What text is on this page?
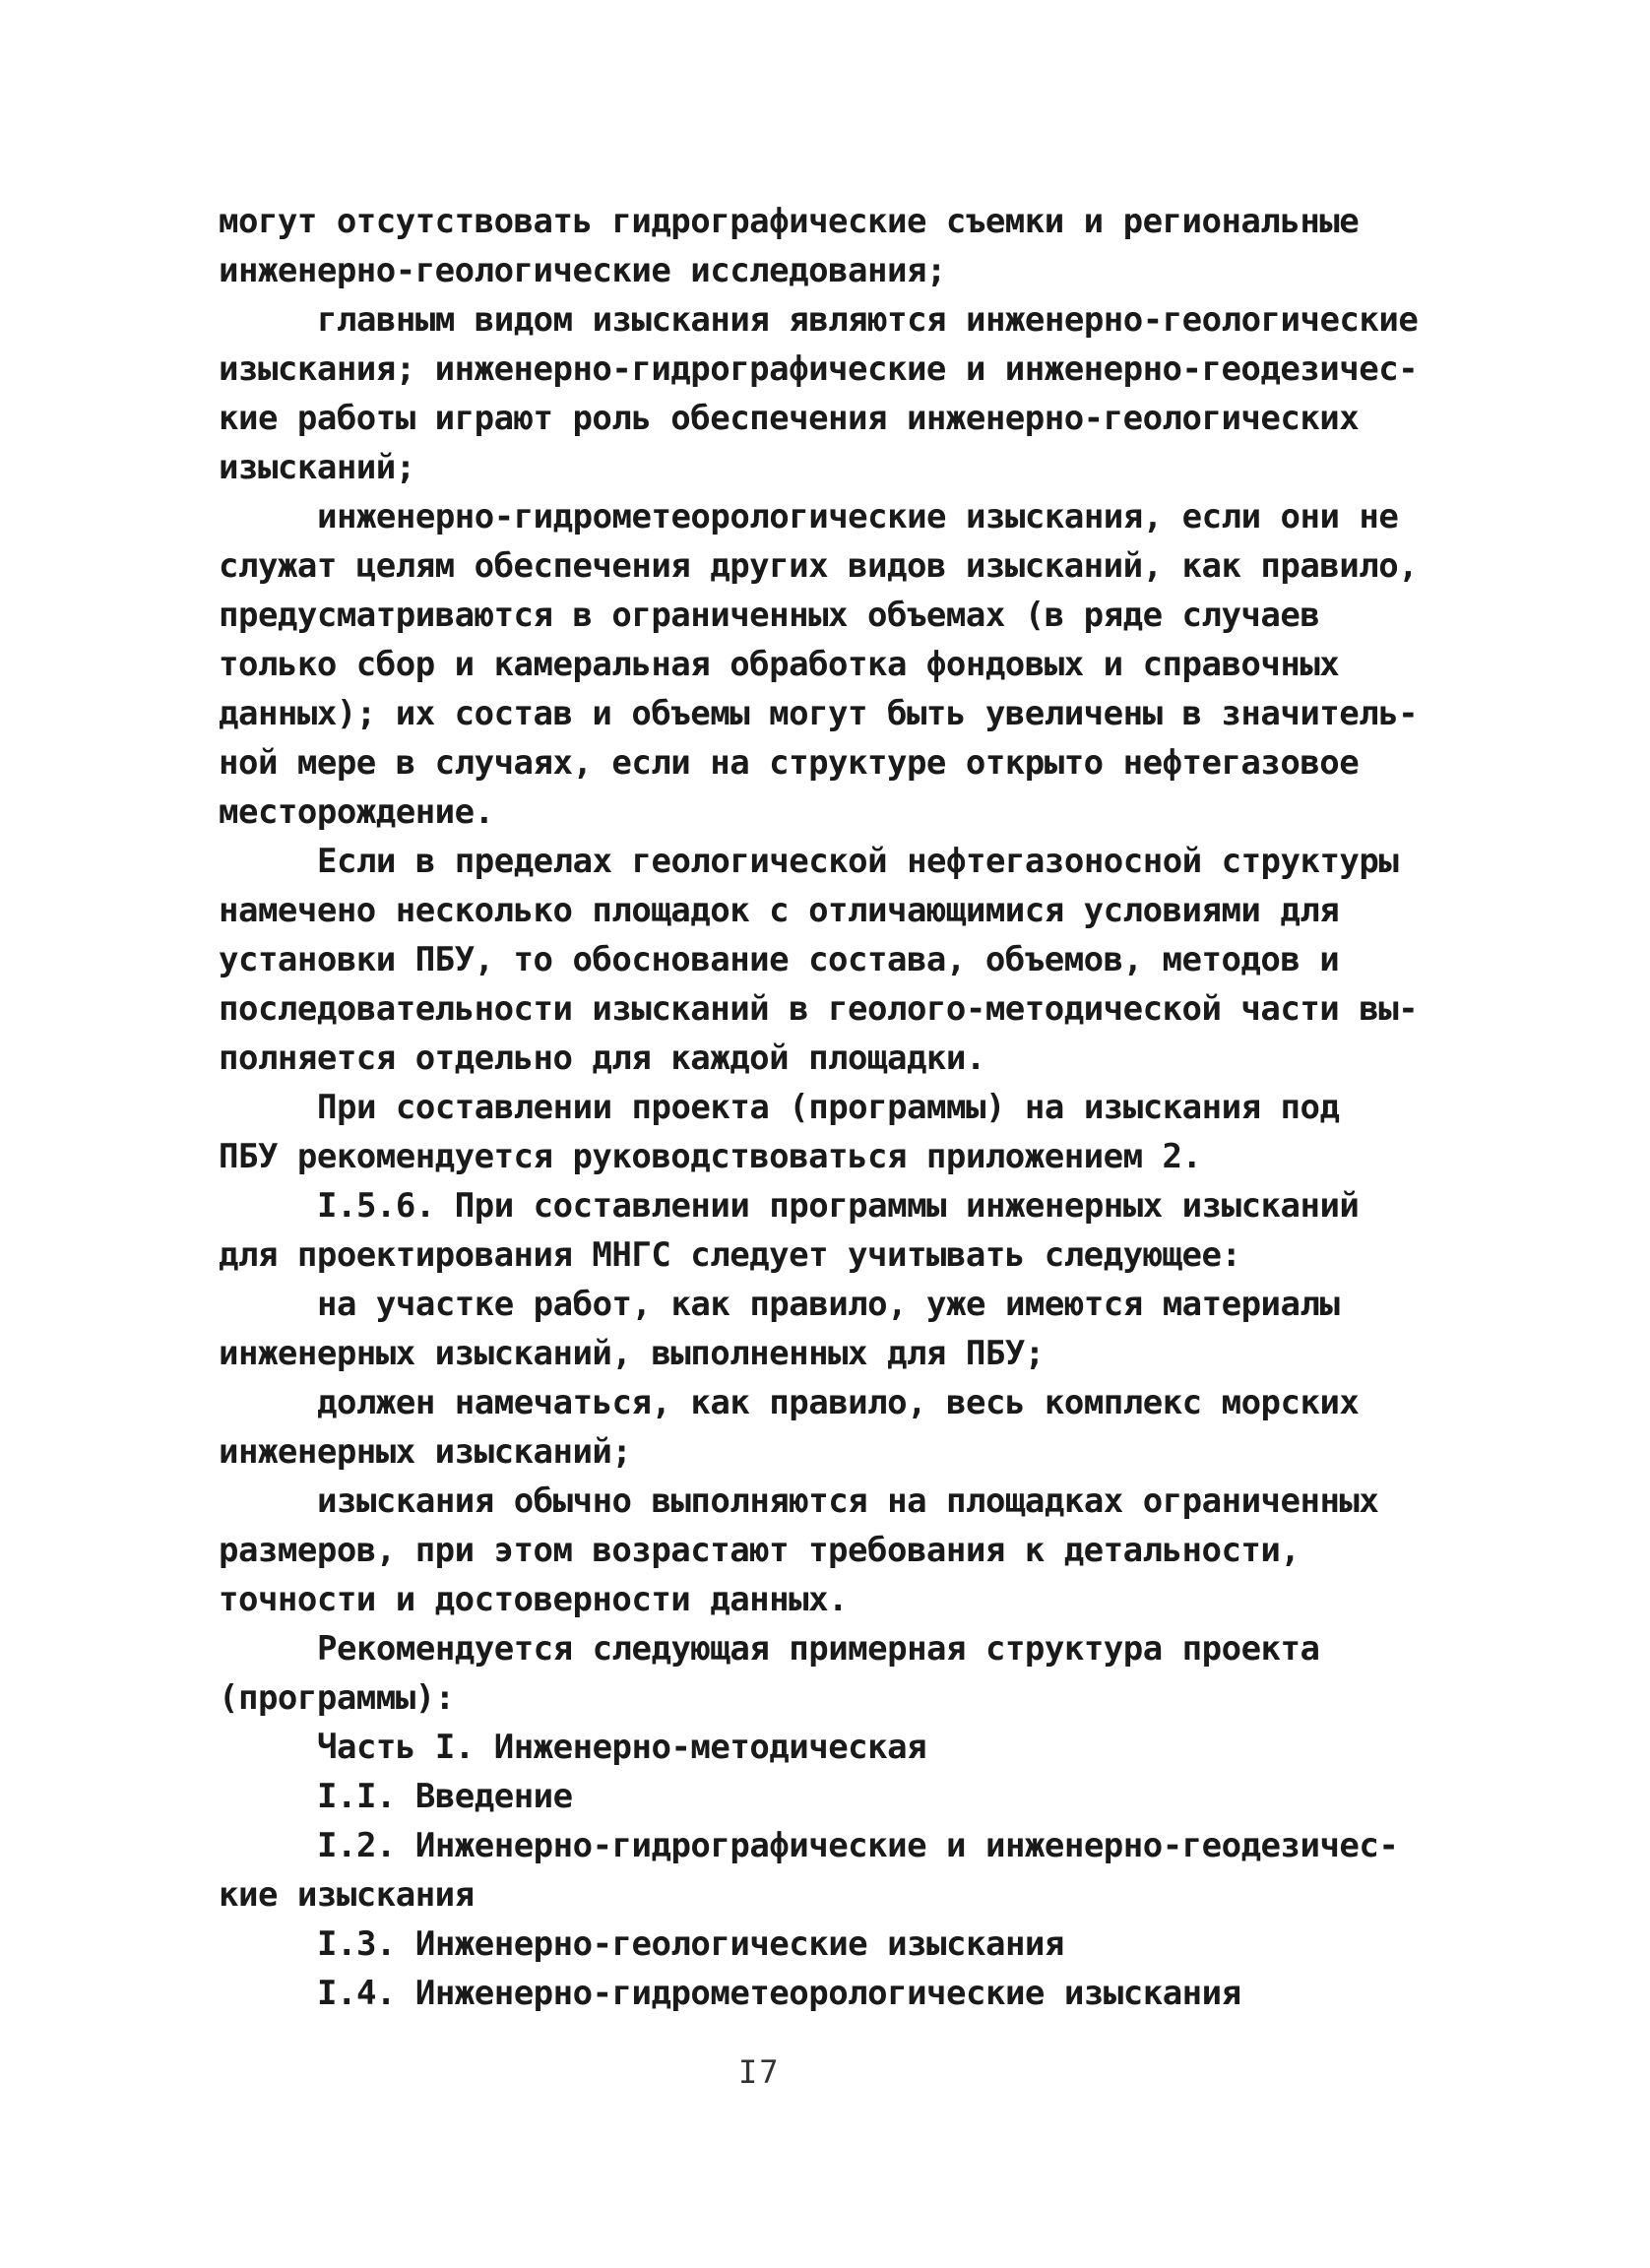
могут отсутствовать гидрографические съемки и региональные
инженерно-геологические исследования;
главным видом изыскания являются инженерно-геологические
изыскания; инженерно-гидрографические и инженерно-геодезичес-
кие работы играют роль обеспечения инженерно-геологических
изысканий;
инженерно-гидрометеорологические изыскания, если они не
служат целям обеспечения других видов изысканий, как правило,
предусматриваются в ограниченных объемах (в ряде случаев
только сбор и камеральная обработка фондовых и справочных
данных); их состав и объемы могут быть увеличены в значитель-
ной мере в случаях, если на структуре открыто нефтегазовое
месторождение.
Если в пределах геологической нефтегазоносной структуры
намечено несколько площадок с отличающимися условиями для
установки ПБУ, то обоснование состава, объемов, методов и
последовательности изысканий в геолого-методической части вы-
полняется отдельно для каждой площадки.
При составлении проекта (программы) на изыскания под
ПБУ рекомендуется руководствоваться приложением 2.
I.5.6. При составлении программы инженерных изысканий
для проектирования МНГС следует учитывать следующее:
на участке работ, как правило, уже имеются материалы
инженерных изысканий, выполненных для ПБУ;
должен намечаться, как правило, весь комплекс морских
инженерных изысканий;
изыскания обычно выполняются на площадках ограниченных
размеров, при этом возрастают требования к детальности,
точности и достоверности данных.
Рекомендуется следующая примерная структура проекта
(программы):
Часть I. Инженерно-методическая
I.I. Введение
I.2. Инженерно-гидрографические и инженерно-геодезичес-
кие изыскания
I.3. Инженерно-геологические изыскания
I.4. Инженерно-гидрометеорологические изыскания
I7
